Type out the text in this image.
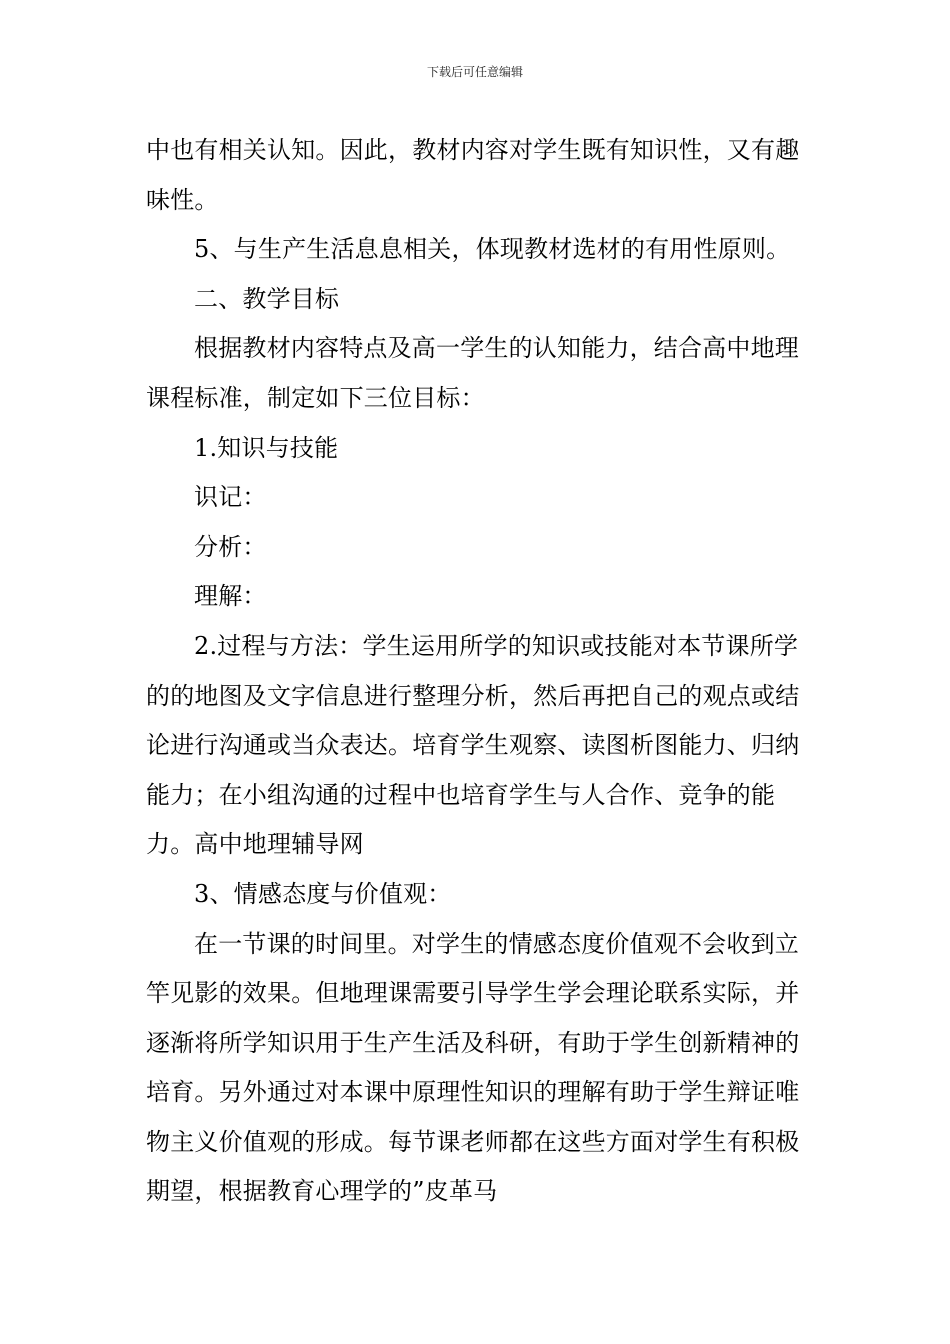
下载后可任意编辑

中也有相关认知。因此，教材内容对学生既有知识性，又有趣味性。

5、与生产生活息息相关，体现教材选材的有用性原则。

二、教学目标

根据教材内容特点及高一学生的认知能力，结合高中地理课程标准，制定如下三位目标：

1.知识与技能

识记：

分析：

理解：

2.过程与方法：学生运用所学的知识或技能对本节课所学的的地图及文字信息进行整理分析，然后再把自己的观点或结论进行沟通或当众表达。培育学生观察、读图析图能力、归纳能力；在小组沟通的过程中也培育学生与人合作、竞争的能力。高中地理辅导网

3、情感态度与价值观：

在一节课的时间里。对学生的情感态度价值观不会收到立竿见影的效果。但地理课需要引导学生学会理论联系实际，并逐渐将所学知识用于生产生活及科研，有助于学生创新精神的培育。另外通过对本课中原理性知识的理解有助于学生辩证唯物主义价值观的形成。每节课老师都在这些方面对学生有积极期望，根据教育心理学的”皮革马
